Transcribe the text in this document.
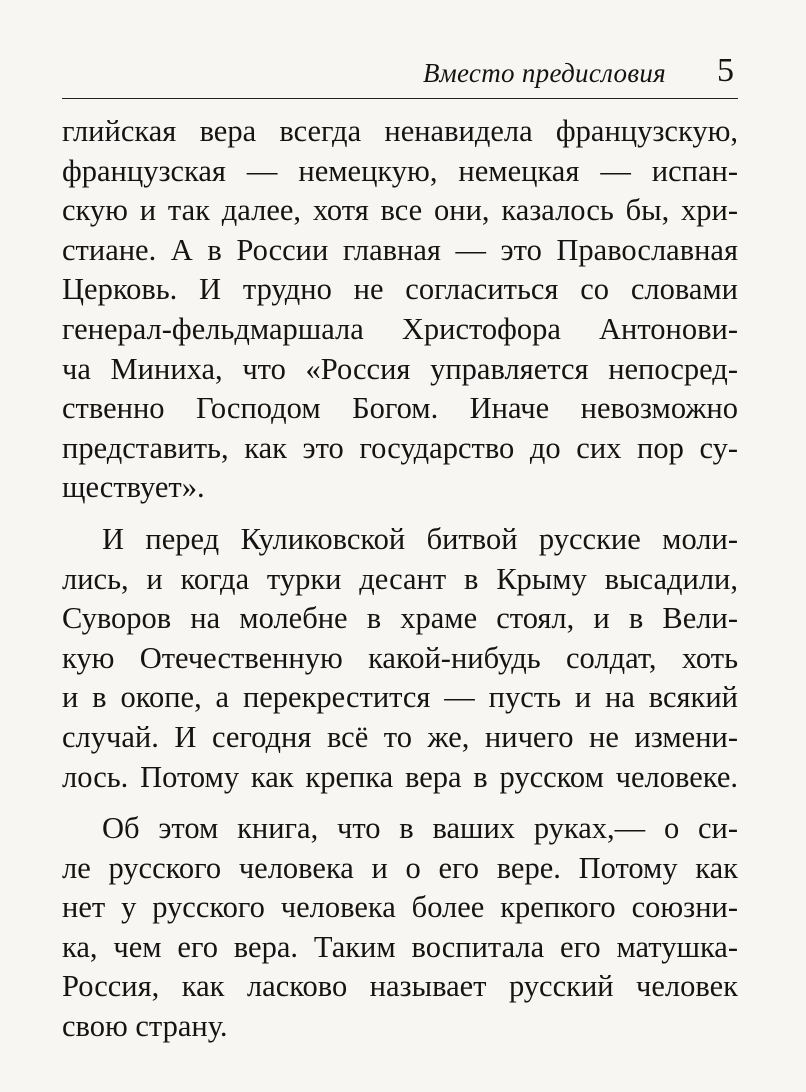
Вместо предисловия 5
глийская вера всегда ненавидела французскую,
французская — немецкую, немецкая — испан-
скую и так далее, хотя все они, казалось бы, хри-
стиане. А в России главная — это Православная
Церковь. И трудно не согласиться со словами
генерал-фельдмаршала Христофора Антонови-
ча Миниха, что «Россия управляется непосред-
ственно Господом Богом. Иначе невозможно
представить, как это государство до сих пор су-
ществует».
И перед Куликовской битвой русские моли-
лись, и когда турки десант в Крыму высадили,
Суворов на молебне в храме стоял, и в Вели-
кую Отечественную какой-нибудь солдат, хоть
и в окопе, а перекрестится — пусть и на всякий
случай. И сегодня всё то же, ничего не измени-
лось. Потому как крепка вера в русском человеке.
Об этом книга, что в ваших руках,— о си-
ле русского человека и о его вере. Потому как
нет у русского человека более крепкого союзни-
ка, чем его вера. Таким воспитала его матушка-
Россия, как ласково называет русский человек
свою страну.
